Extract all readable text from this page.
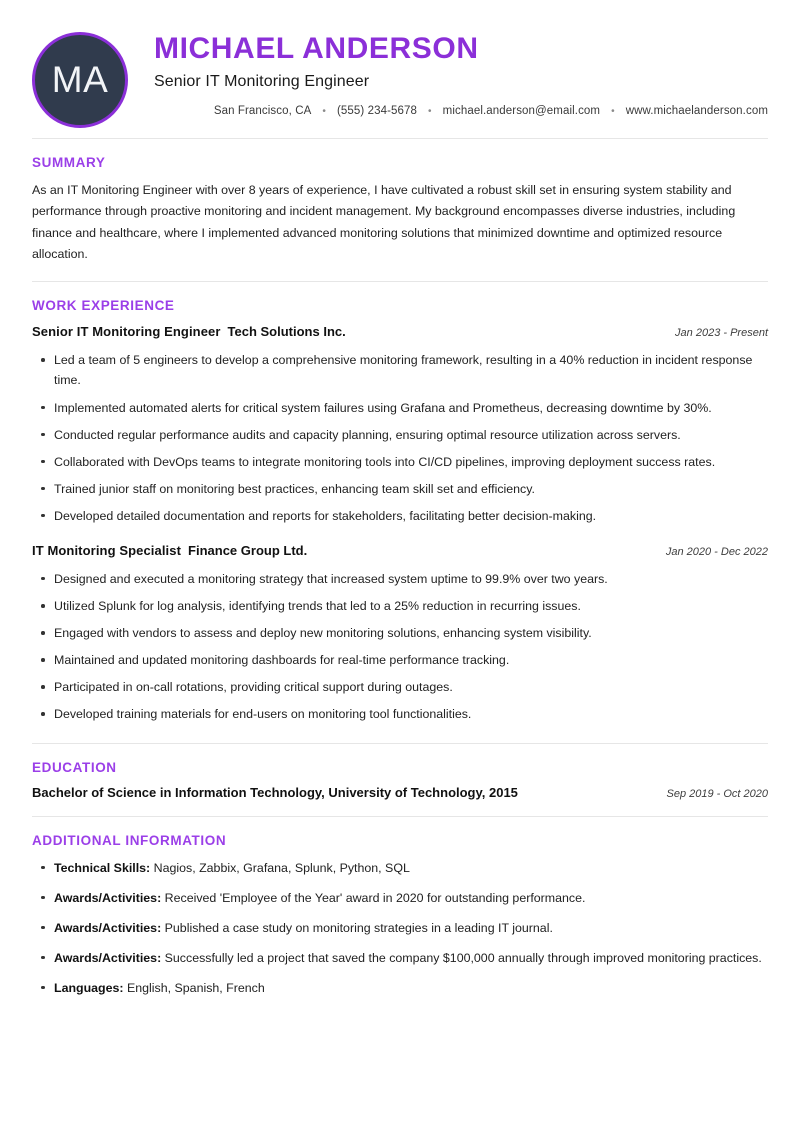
MA
MICHAEL ANDERSON
Senior IT Monitoring Engineer
San Francisco, CA	• (555) 234-5678	• michael.anderson@email.com	• www.michaelanderson.com
SUMMARY

As an IT Monitoring Engineer with over 8 years of experience, I have cultivated a robust skill set in ensuring system stability and performance through proactive monitoring and incident management. My background encompasses diverse industries, including finance and healthcare, where I implemented advanced monitoring solutions that minimized downtime and optimized resource allocation.

WORK EXPERIENCE
Senior IT Monitoring Engineer Tech Solutions Inc.	Jan 2023 - Present
Led a team of 5 engineers to develop a comprehensive monitoring framework, resulting in a 40% reduction in incident response time.
Implemented automated alerts for critical system failures using Grafana and Prometheus, decreasing downtime by 30%.
Conducted regular performance audits and capacity planning, ensuring optimal resource utilization across servers.
Collaborated with DevOps teams to integrate monitoring tools into CI/CD pipelines, improving deployment success rates.
Trained junior staff on monitoring best practices, enhancing team skill set and efficiency.
Developed detailed documentation and reports for stakeholders, facilitating better decision-making.
IT Monitoring Specialist Finance Group Ltd.	Jan 2020 - Dec 2022
Designed and executed a monitoring strategy that increased system uptime to 99.9% over two years.
Utilized Splunk for log analysis, identifying trends that led to a 25% reduction in recurring issues.
Engaged with vendors to assess and deploy new monitoring solutions, enhancing system visibility.
Maintained and updated monitoring dashboards for real-time performance tracking.
Participated in on-call rotations, providing critical support during outages.
Developed training materials for end-users on monitoring tool functionalities.
EDUCATION
Bachelor of Science in Information Technology, University of Technology, 2015	Sep 2019 - Oct 2020
ADDITIONAL INFORMATION
Technical Skills: Nagios, Zabbix, Grafana, Splunk, Python, SQL
Awards/Activities: Received 'Employee of the Year' award in 2020 for outstanding performance.
Awards/Activities: Published a case study on monitoring strategies in a leading IT journal.
Awards/Activities: Successfully led a project that saved the company $100,000 annually through improved monitoring practices.
Languages: English, Spanish, French
